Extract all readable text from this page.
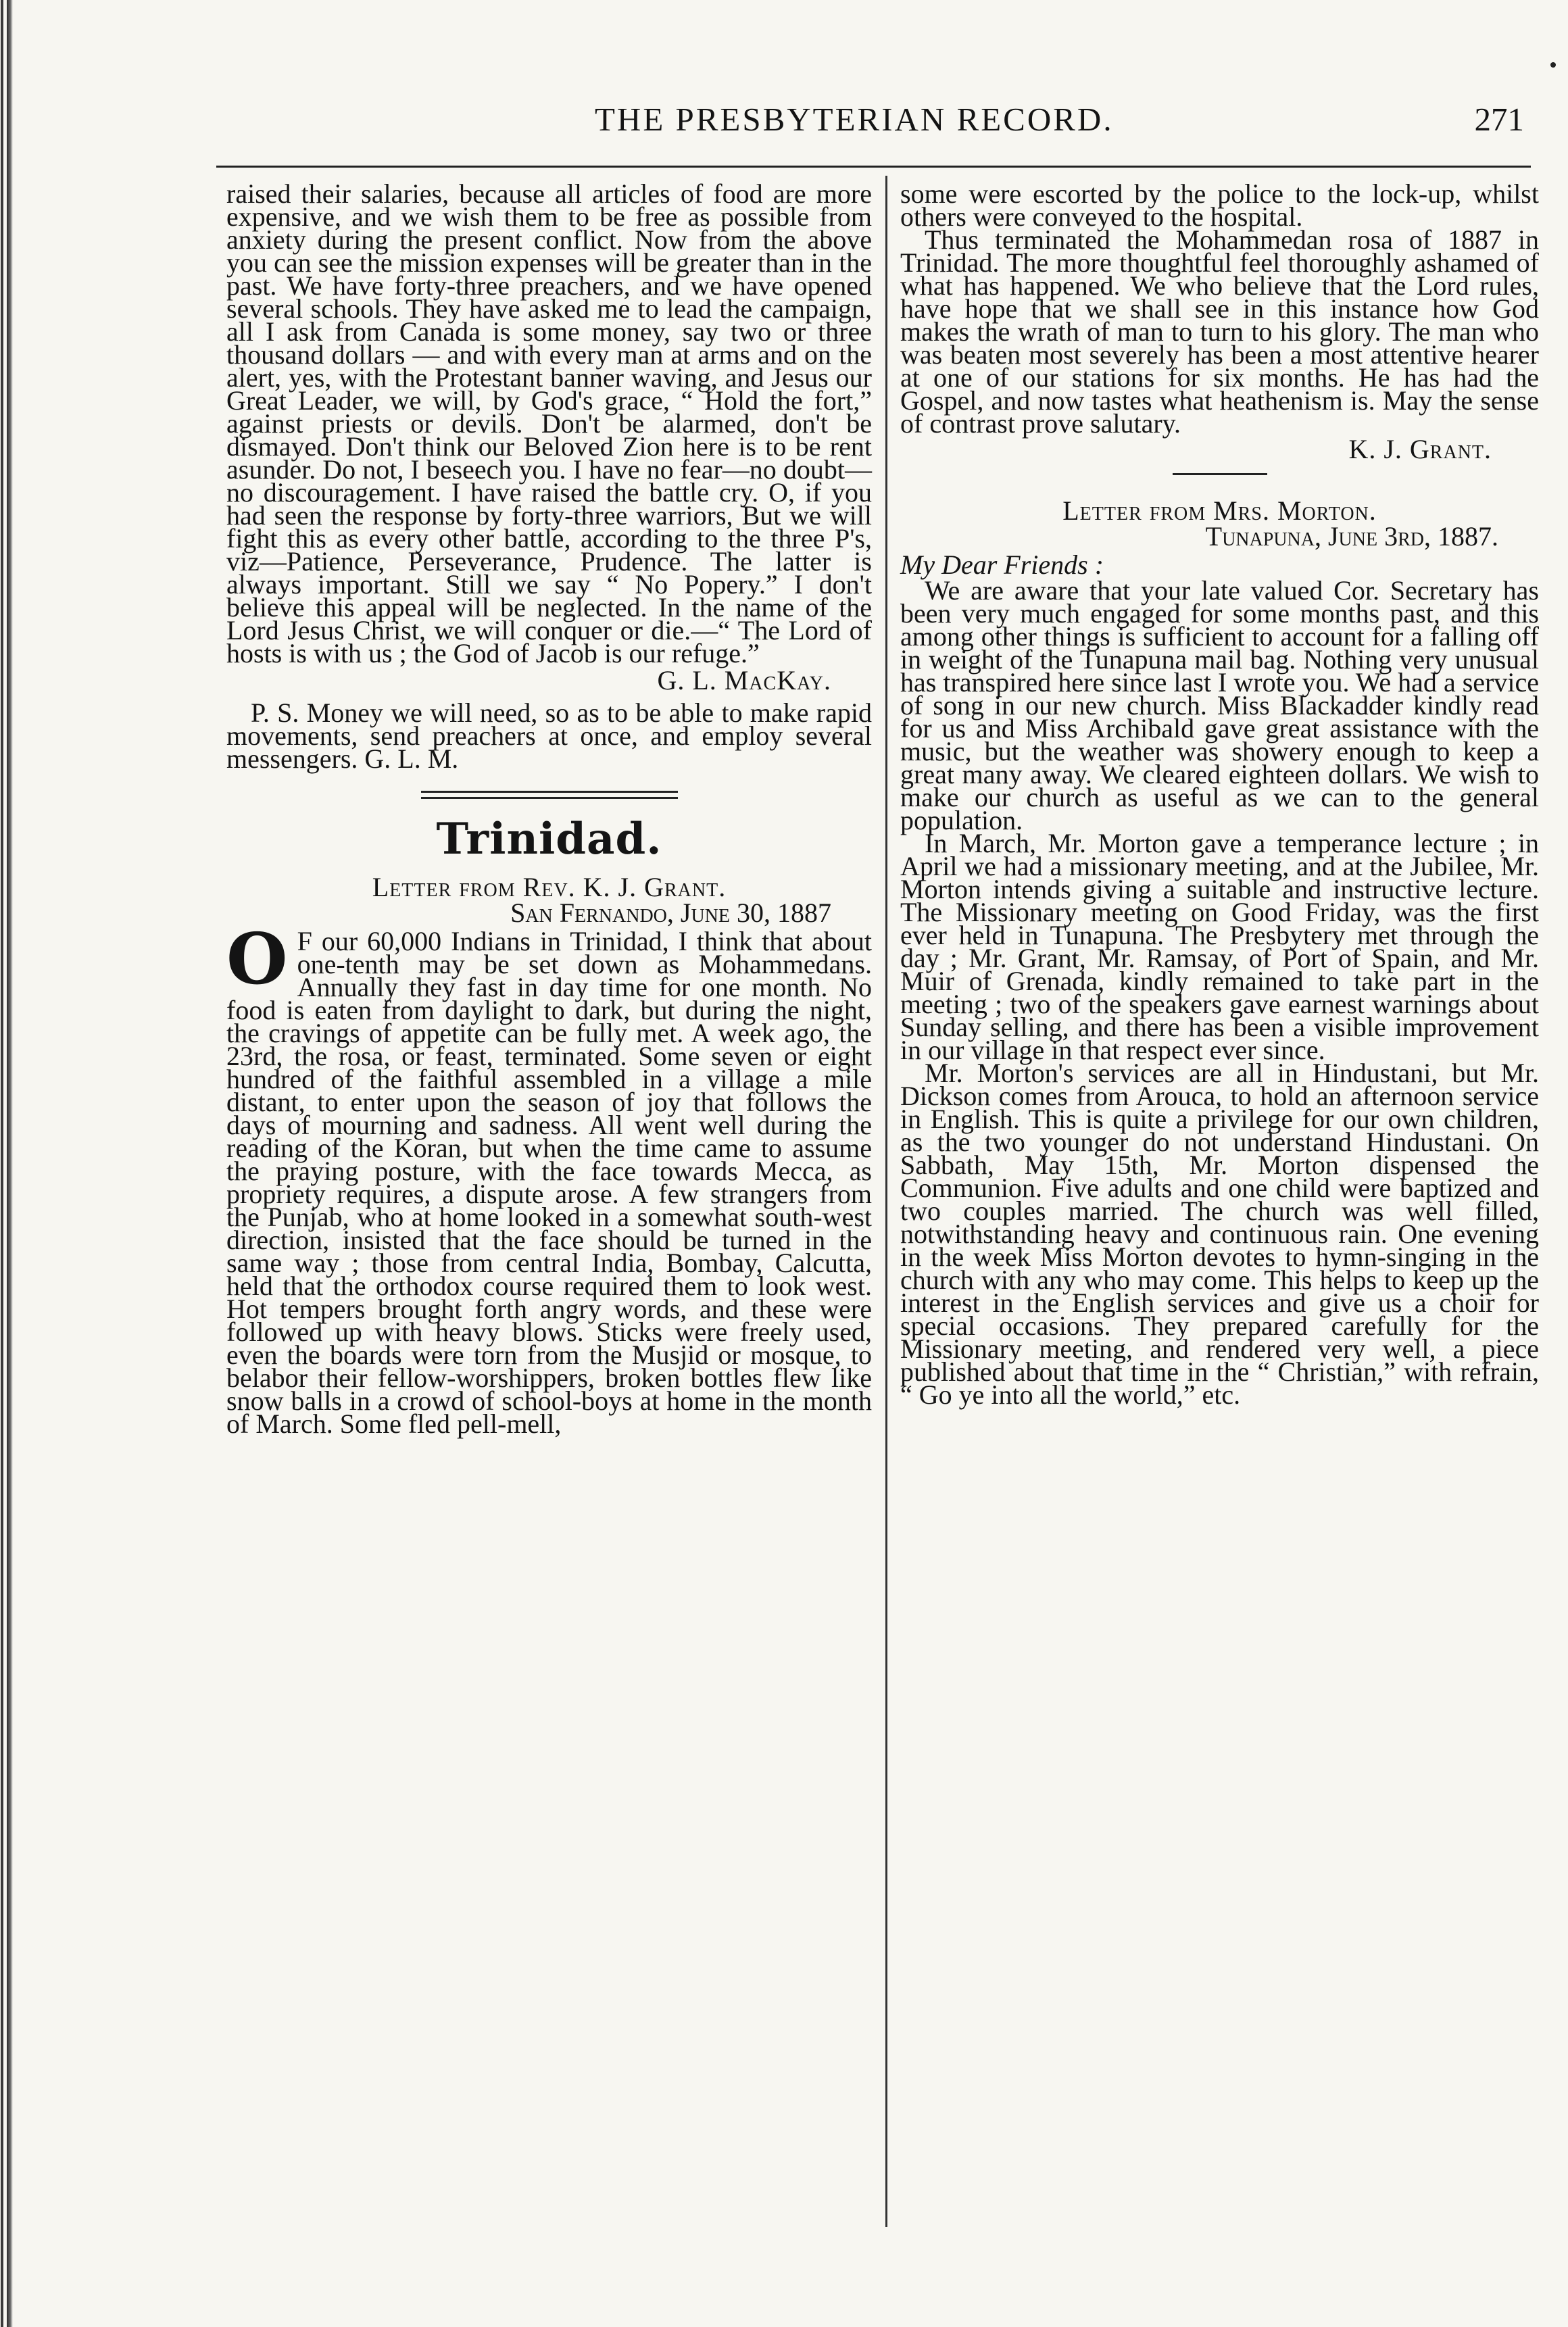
THE PRESBYTERIAN RECORD.	271

raised their salaries, because all articles of food are more expensive, and we wish them to be free as possible from anxiety during the present conflict. Now from the above you can see the mission expenses will be greater than in the past. We have forty-three preachers, and we have opened several schools. They have asked me to lead the campaign, all I ask from Canada is some money, say two or three thousand dollars — and with every man at arms and on the alert, yes, with the Protestant banner waving, and Jesus our Great Leader, we will, by God's grace, “ Hold the fort,” against priests or devils. Don't be alarmed, don't be dismayed. Don't think our Beloved Zion here is to be rent asunder. Do not, I beseech you. I have no fear—no doubt—no discouragement. I have raised the battle cry. O, if you had seen the response by forty-three warriors, But we will fight this as every other battle, according to the three P's, viz—Patience, Perseverance, Prudence. The latter is always important. Still we say “ No Popery.” I don't believe this appeal will be neglected. In the name of the Lord Jesus Christ, we will conquer or die.—“ The Lord of hosts is with us ; the God of Jacob is our refuge.”

G. L. MacKay.

P. S. Money we will need, so as to be able to make rapid movements, send preachers at once, and employ several messengers. G. L. M.

Trinidad.
Letter from Rev. K. J. Grant.
San Fernando, June 30, 1887

O F our 60,000 Indians in Trinidad, I think that about one-tenth may be set down as Mohammedans. Annually they fast in day time for one month. No food is eaten from daylight to dark, but during the night, the cravings of appetite can be fully met. A week ago, the 23rd, the rosa, or feast, terminated. Some seven or eight hundred of the faithful assembled in a village a mile distant, to enter upon the season of joy that follows the days of mourning and sadness. All went well during the reading of the Koran, but when the time came to assume the praying posture, with the face towards Mecca, as propriety requires, a dispute arose. A few strangers from the Punjab, who at home looked in a somewhat south-west direction, insisted that the face should be turned in the same way ; those from central India, Bombay, Calcutta, held that the orthodox course required them to look west. Hot tempers brought forth angry words, and these were followed up with heavy blows. Sticks were freely used, even the boards were torn from the Musjid or mosque, to belabor their fellow-worshippers, broken bottles flew like snow balls in a crowd of school-boys at home in the month of March. Some fled pell-mell,

some were escorted by the police to the lock-up, whilst others were conveyed to the hospital.

Thus terminated the Mohammedan rosa of 1887 in Trinidad. The more thoughtful feel thoroughly ashamed of what has happened. We who believe that the Lord rules, have hope that we shall see in this instance how God makes the wrath of man to turn to his glory. The man who was beaten most severely has been a most attentive hearer at one of our stations for six months. He has had the Gospel, and now tastes what heathenism is. May the sense of contrast prove salutary.

K. J. Grant.
Letter from Mrs. Morton.
Tunapuna, June 3rd, 1887.
My Dear Friends :

We are aware that your late valued Cor. Secretary has been very much engaged for some months past, and this among other things is sufficient to account for a falling off in weight of the Tunapuna mail bag. Nothing very unusual has transpired here since last I wrote you. We had a service of song in our new church. Miss Blackadder kindly read for us and Miss Archibald gave great assistance with the music, but the weather was showery enough to keep a great many away. We cleared eighteen dollars. We wish to make our church as useful as we can to the general population.

In March, Mr. Morton gave a temperance lecture ; in April we had a missionary meeting, and at the Jubilee, Mr. Morton intends giving a suitable and instructive lecture. The Missionary meeting on Good Friday, was the first ever held in Tunapuna. The Presbytery met through the day ; Mr. Grant, Mr. Ramsay, of Port of Spain, and Mr. Muir of Grenada, kindly remained to take part in the meeting ; two of the speakers gave earnest warnings about Sunday selling, and there has been a visible improvement in our village in that respect ever since.

Mr. Morton's services are all in Hindustani, but Mr. Dickson comes from Arouca, to hold an afternoon service in English. This is quite a privilege for our own children, as the two younger do not understand Hindustani. On Sabbath, May 15th, Mr. Morton dispensed the Communion. Five adults and one child were baptized and two couples married. The church was well filled, notwithstanding heavy and continuous rain. One evening in the week Miss Morton devotes to hymn-singing in the church with any who may come. This helps to keep up the interest in the English services and give us a choir for special occasions. They prepared carefully for the Missionary meeting, and rendered very well, a piece published about that time in the “ Christian,” with refrain, “ Go ye into all the world,” etc.
